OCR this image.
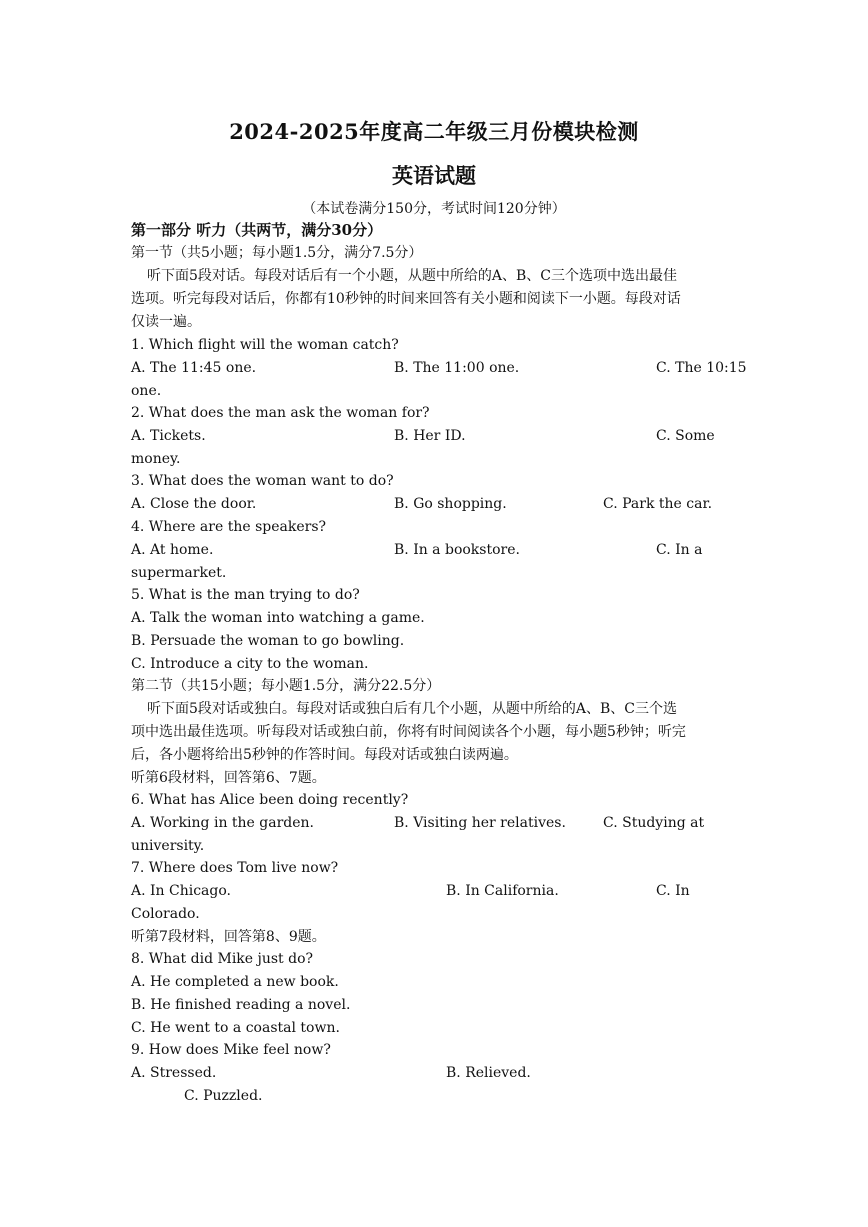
2024-2025年度高二年级三月份模块检测
英语试题
（本试卷满分150分，考试时间120分钟）
第一部分 听力（共两节，满分30分）
第一节（共5小题；每小题1.5分，满分7.5分）
听下面5段对话。每段对话后有一个小题，从题中所给的A、B、C三个选项中选出最佳
选项。听完每段对话后，你都有10秒钟的时间来回答有关小题和阅读下一小题。每段对话
仅读一遍。
1. Which flight will the woman catch?
A. The 11:45 one.	B. The 11:00 one.	C. The 10:15
one.
2. What does the man ask the woman for?
A. Tickets.	B. Her ID.	C. Some
money.
3. What does the woman want to do?
A. Close the door.	B. Go shopping.	C. Park the car.
4. Where are the speakers?
A. At home.	B. In a bookstore.	C. In a
supermarket.
5. What is the man trying to do?
A. Talk the woman into watching a game.
B. Persuade the woman to go bowling.
C. Introduce a city to the woman.
第二节（共15小题；每小题1.5分，满分22.5分）
听下面5段对话或独白。每段对话或独白后有几个小题，从题中所给的A、B、C三个选
项中选出最佳选项。听每段对话或独白前，你将有时间阅读各个小题，每小题5秒钟；听完
后，各小题将给出5秒钟的作答时间。每段对话或独白读两遍。
听第6段材料，回答第6、7题。
6. What has Alice been doing recently?
A. Working in the garden.	B. Visiting her relatives.	C. Studying at
university.
7. Where does Tom live now?
A. In Chicago.	B. In California.	C. In
Colorado.
听第7段材料，回答第8、9题。
8. What did Mike just do?
A. He completed a new book.
B. He finished reading a novel.
C. He went to a coastal town.
9. How does Mike feel now?
A. Stressed.	B. Relieved.
C. Puzzled.
